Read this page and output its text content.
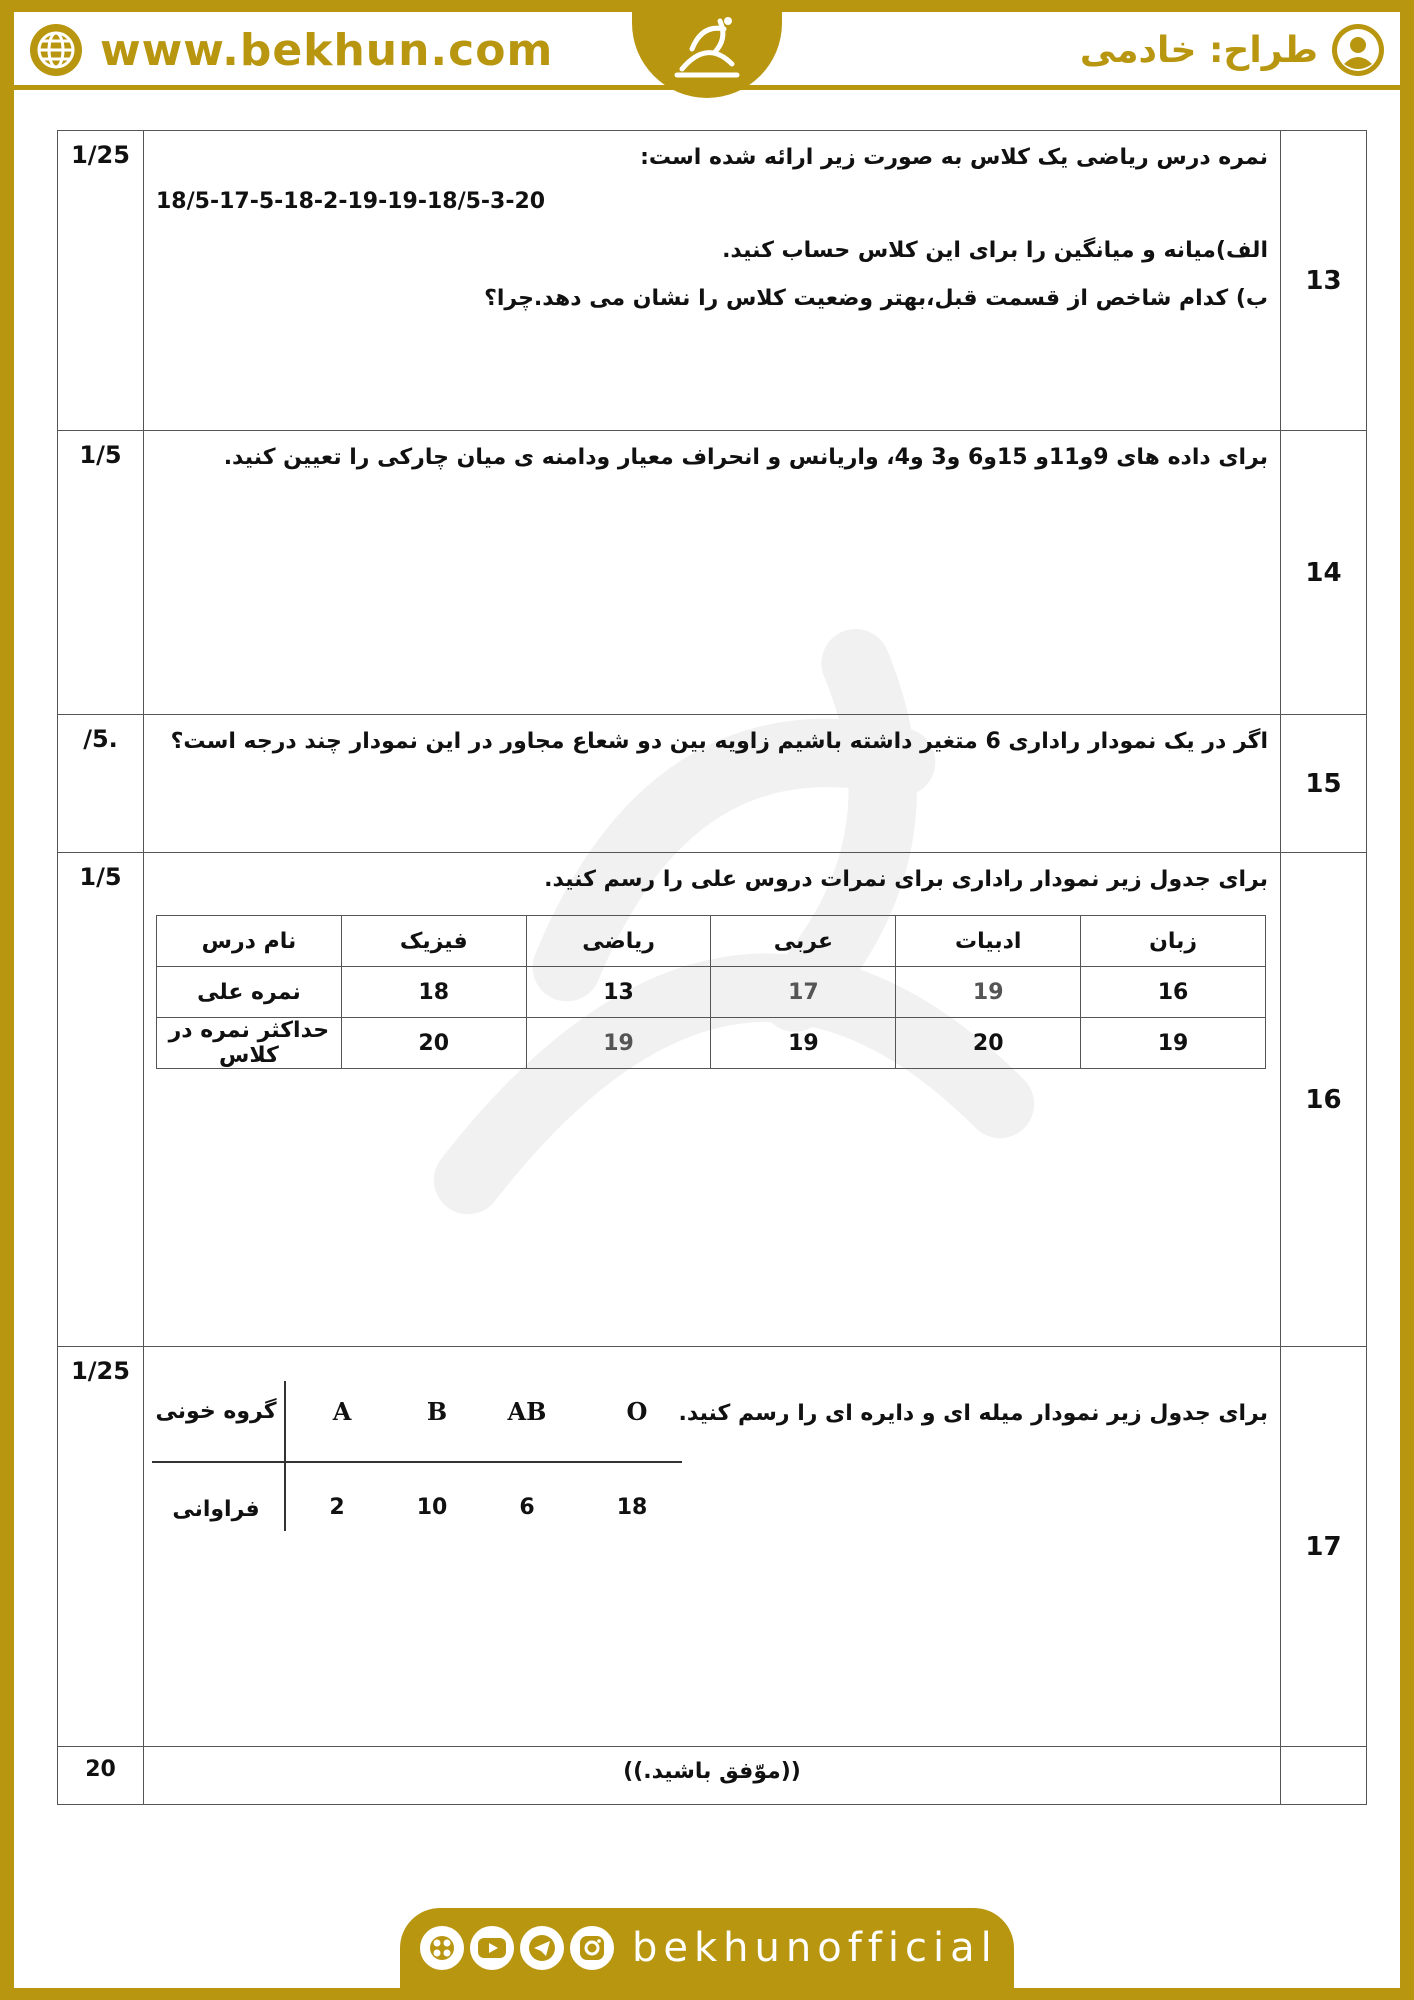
www.bekhun.com	طراح: خادمی
1/25	نمره درس ریاضی یک کلاس به صورت زیر ارائه شده است:
18/5-17-5-18-2-19-19-18/5-3-20
الف)میانه و میانگین را برای این کلاس حساب کنید.
ب) کدام شاخص از قسمت قبل،بهتر وضعیت کلاس را نشان می دهد.چرا؟
	13
1/5	برای داده های 9و11و 15و6 و3 و4، واریانس و انحراف معیار ودامنه ی میان چارکی را تعیین کنید.
	14
/5.	اگر در یک نمودار راداری 6 متغیر داشته باشیم زاویه بین دو شعاع مجاور در این نمودار چند درجه است؟
	15
1/5	برای جدول زیر نمودار راداری برای نمرات دروس علی را رسم کنید.
نام درس	فیزیک	ریاضی	عربی	ادبیات	زبان
نمره علی	18	13	17	19	16
حداکثر نمره در کلاس	20	19	19	20	19
	16
1/25	
برای جدول زیر نمودار میله ای و دایره ای را رسم کنید.
گروه خونی	A	B	AB	O
فراوانی	2	10	6	18
	17
20	((موّفق باشید.))

bekhunofficial
